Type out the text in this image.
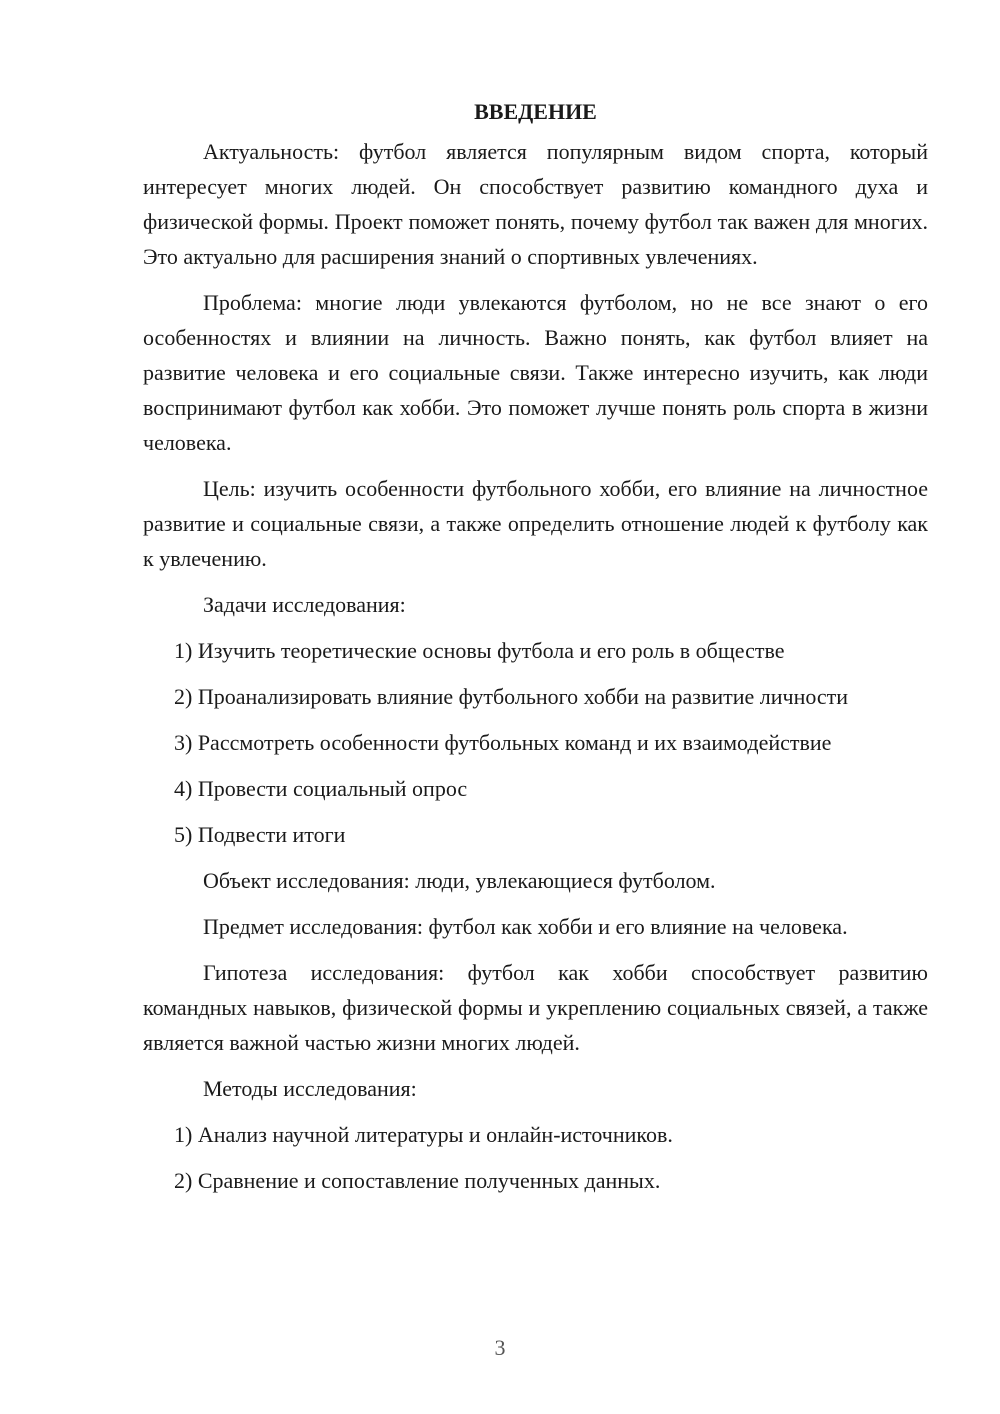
ВВЕДЕНИЕ

Актуальность: футбол является популярным видом спорта, который интересует многих людей. Он способствует развитию командного духа и физической формы. Проект поможет понять, почему футбол так важен для многих. Это актуально для расширения знаний о спортивных увлечениях.

Проблема: многие люди увлекаются футболом, но не все знают о его особенностях и влиянии на личность. Важно понять, как футбол влияет на развитие человека и его социальные связи. Также интересно изучить, как люди воспринимают футбол как хобби. Это поможет лучше понять роль спорта в жизни человека.

Цель: изучить особенности футбольного хобби, его влияние на личностное развитие и социальные связи, а также определить отношение людей к футболу как к увлечению.

Задачи исследования:

1) Изучить теоретические основы футбола и его роль в обществе

2) Проанализировать влияние футбольного хобби на развитие личности

3) Рассмотреть особенности футбольных команд и их взаимодействие

4) Провести социальный опрос

5) Подвести итоги

Объект исследования: люди, увлекающиеся футболом.

Предмет исследования: футбол как хобби и его влияние на человека.

Гипотеза исследования: футбол как хобби способствует развитию командных навыков, физической формы и укреплению социальных связей, а также является важной частью жизни многих людей.

Методы исследования:

1) Анализ научной литературы и онлайн-источников.

2) Сравнение и сопоставление полученных данных.

3
